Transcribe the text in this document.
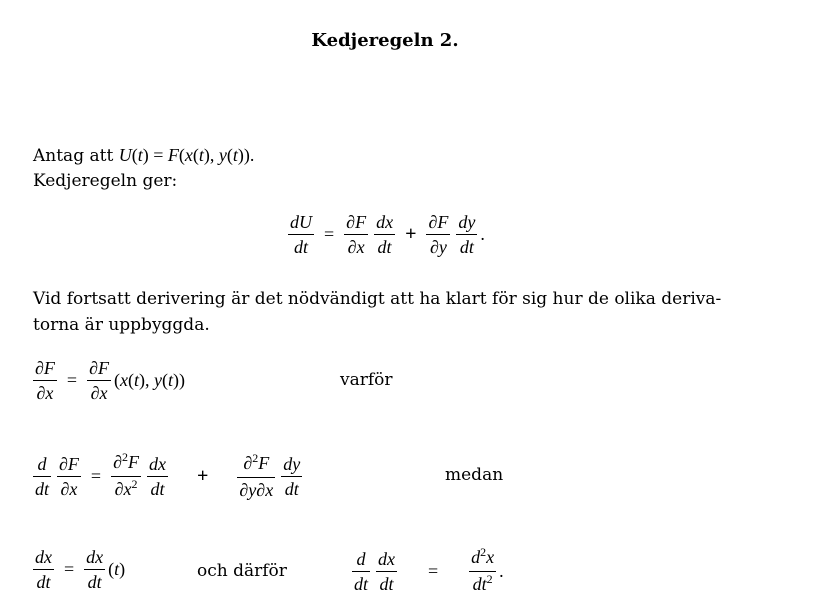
Kedjeregeln 2.
Antag att U(t) = F(x(t), y(t)).
Kedjeregeln ger:
$\frac{dU}{dt} = \frac{\partial F}{\partial x} \frac{dx}{dt} + \frac{\partial F}{\partial y} \frac{dy}{dt}$ .
Vid fortsatt derivering är det nödvändigt att ha klart för sig hur de olika deriva-
torna är uppbyggda.
$\frac{\partial F}{\partial x} = \frac{\partial F}{\partial x} (x(t)$, y(t))	varför
$\frac{d}{dt} \frac{\partial F}{\partial x} = \frac{\partial^2F}{\partial x^2} \frac{dx}{dt} + \frac{\partial^2F}{\partial y\partial x} \frac{dy}{dt}$	medan
$\frac{dx}{dt} = \frac{dx}{dt} (t)$	och därför	$\frac{d}{dt} \frac{dx}{dt} = \frac{d^2x}{dt^2}$ .
